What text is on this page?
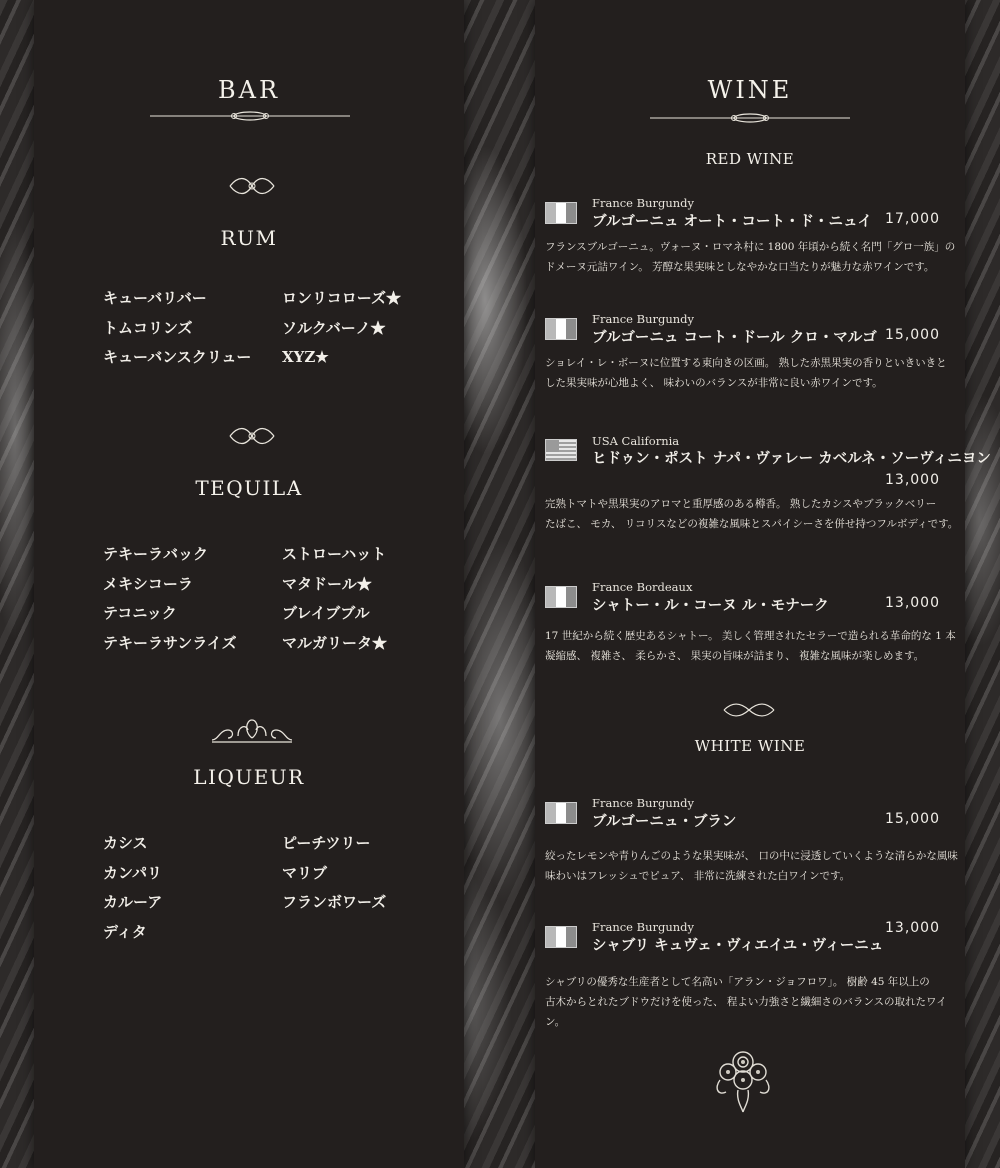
BAR
RUM
キューバリバー
トムコリンズ
キューバンスクリュー
ロンリコローズ★
ソルクバーノ★
XYZ★
TEQUILA
テキーラバック
メキシコーラ
テコニック
テキーラサンライズ
ストローハット
マタドール★
ブレイブブル
マルガリータ★
LIQUEUR
カシス
カンパリ
カルーア
ディタ
ピーチツリー
マリブ
フランボワーズ
WINE
RED WINE
France Burgundy
ブルゴーニュ オート・コート・ド・ニュイ 17,000
フランスブルゴーニュ。ヴォーヌ・ロマネ村に 1800 年頃から続く名門「グロ一族」の
ドメーヌ元詰ワイン。 芳醇な果実味としなやかな口当たりが魅力な赤ワインです。
France Burgundy
ブルゴーニュ コート・ドール クロ・マルゴ 15,000
ショレイ・レ・ボーヌに位置する東向きの区画。 熟した赤黒果実の香りといきいきと
した果実味が心地よく、 味わいのバランスが非常に良い赤ワインです。
USA California
ヒドゥン・ポスト ナパ・ヴァレー カベルネ・ソーヴィニヨン
13,000
完熟トマトや黒果実のアロマと重厚感のある樽香。 熟したカシスやブラックベリー
たばこ、 モカ、 リコリスなどの複雑な風味とスパイシーさを併せ持つフルボディです。
France Bordeaux
シャトー・ル・コーヌ ル・モナーク	13,000
17 世紀から続く歴史あるシャトー。 美しく管理されたセラーで造られる革命的な 1 本
凝縮感、 複雑さ、 柔らかさ、 果実の旨味が詰まり、 複雑な風味が楽しめます。
WHITE WINE
France Burgundy
ブルゴーニュ・ブラン	15,000
絞ったレモンや青りんごのような果実味が、 口の中に浸透していくような清らかな風味
味わいはフレッシュでピュア、 非常に洗練された白ワインです。
France Burgundy
シャブリ キュヴェ・ヴィエイユ・ヴィーニュ
13,000
シャブリの優秀な生産者として名高い「アラン・ジョフロワ」。 樹齢 45 年以上の
古木からとれたブドウだけを使った、 程よい力強さと繊細さのバランスの取れたワイン。
